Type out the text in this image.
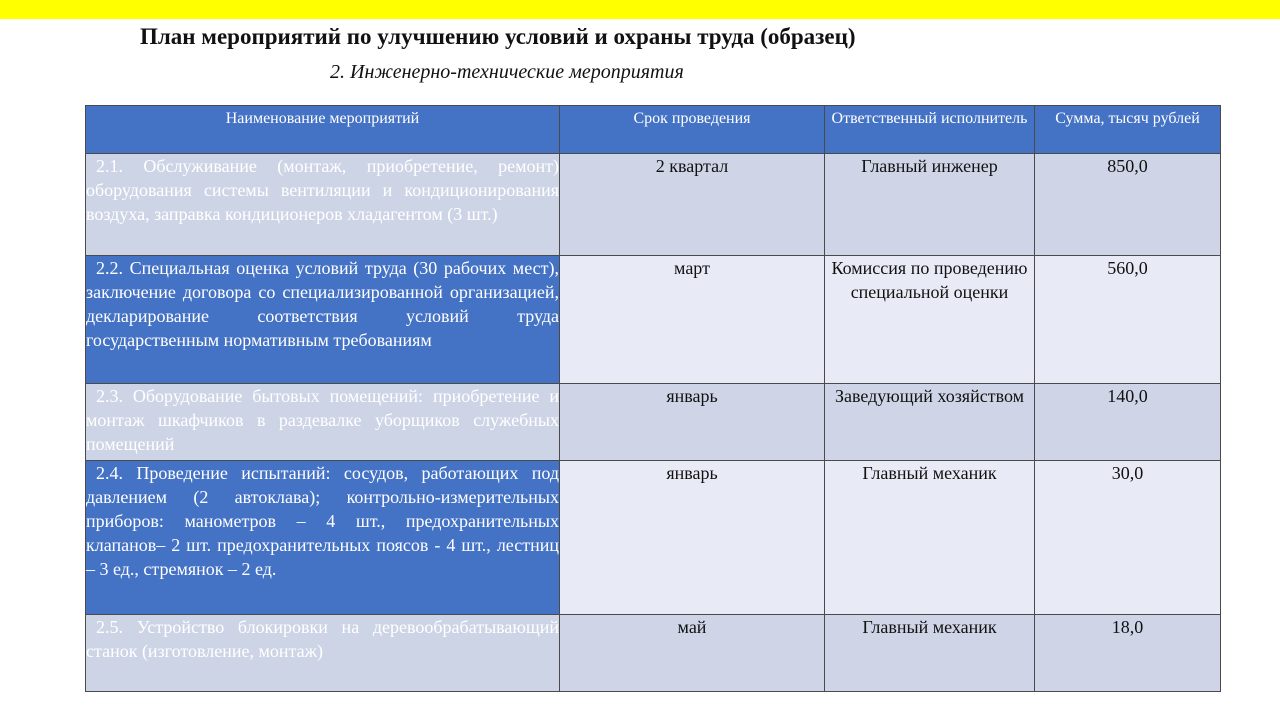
План мероприятий по улучшению условий и охраны труда (образец)
2. Инженерно-технические мероприятия
Наименование мероприятий	Срок проведения	Ответственный исполнитель	Сумма, тысяч рублей

2.1. Обслуживание (монтаж, приобретение, ремонт) оборудования системы вентиляции и кондиционирования воздуха, заправка кондиционеров хладагентом (3 шт.)	2 квартал	Главный инженер	850,0

2.2. Специальная оценка условий труда (30 рабочих мест), заключение договора со специализированной организацией, декларирование соответствия условий труда государственным нормативным требованиям	март	Комиссия по проведению специальной оценки	560,0

2.3. Оборудование бытовых помещений: приобретение и монтаж шкафчиков в раздевалке уборщиков служебных помещений	январь	Заведующий хозяйством	140,0

2.4. Проведение испытаний: сосудов, работающих под давлением (2 автоклава); контрольно-измерительных приборов: манометров – 4 шт., предохранительных клапанов– 2 шт. предохранительных поясов - 4 шт., лестниц – 3 ед., стремянок – 2 ед.	январь	Главный механик	30,0

2.5. Устройство блокировки на деревообрабатывающий станок (изготовление, монтаж)	май	Главный механик	18,0
